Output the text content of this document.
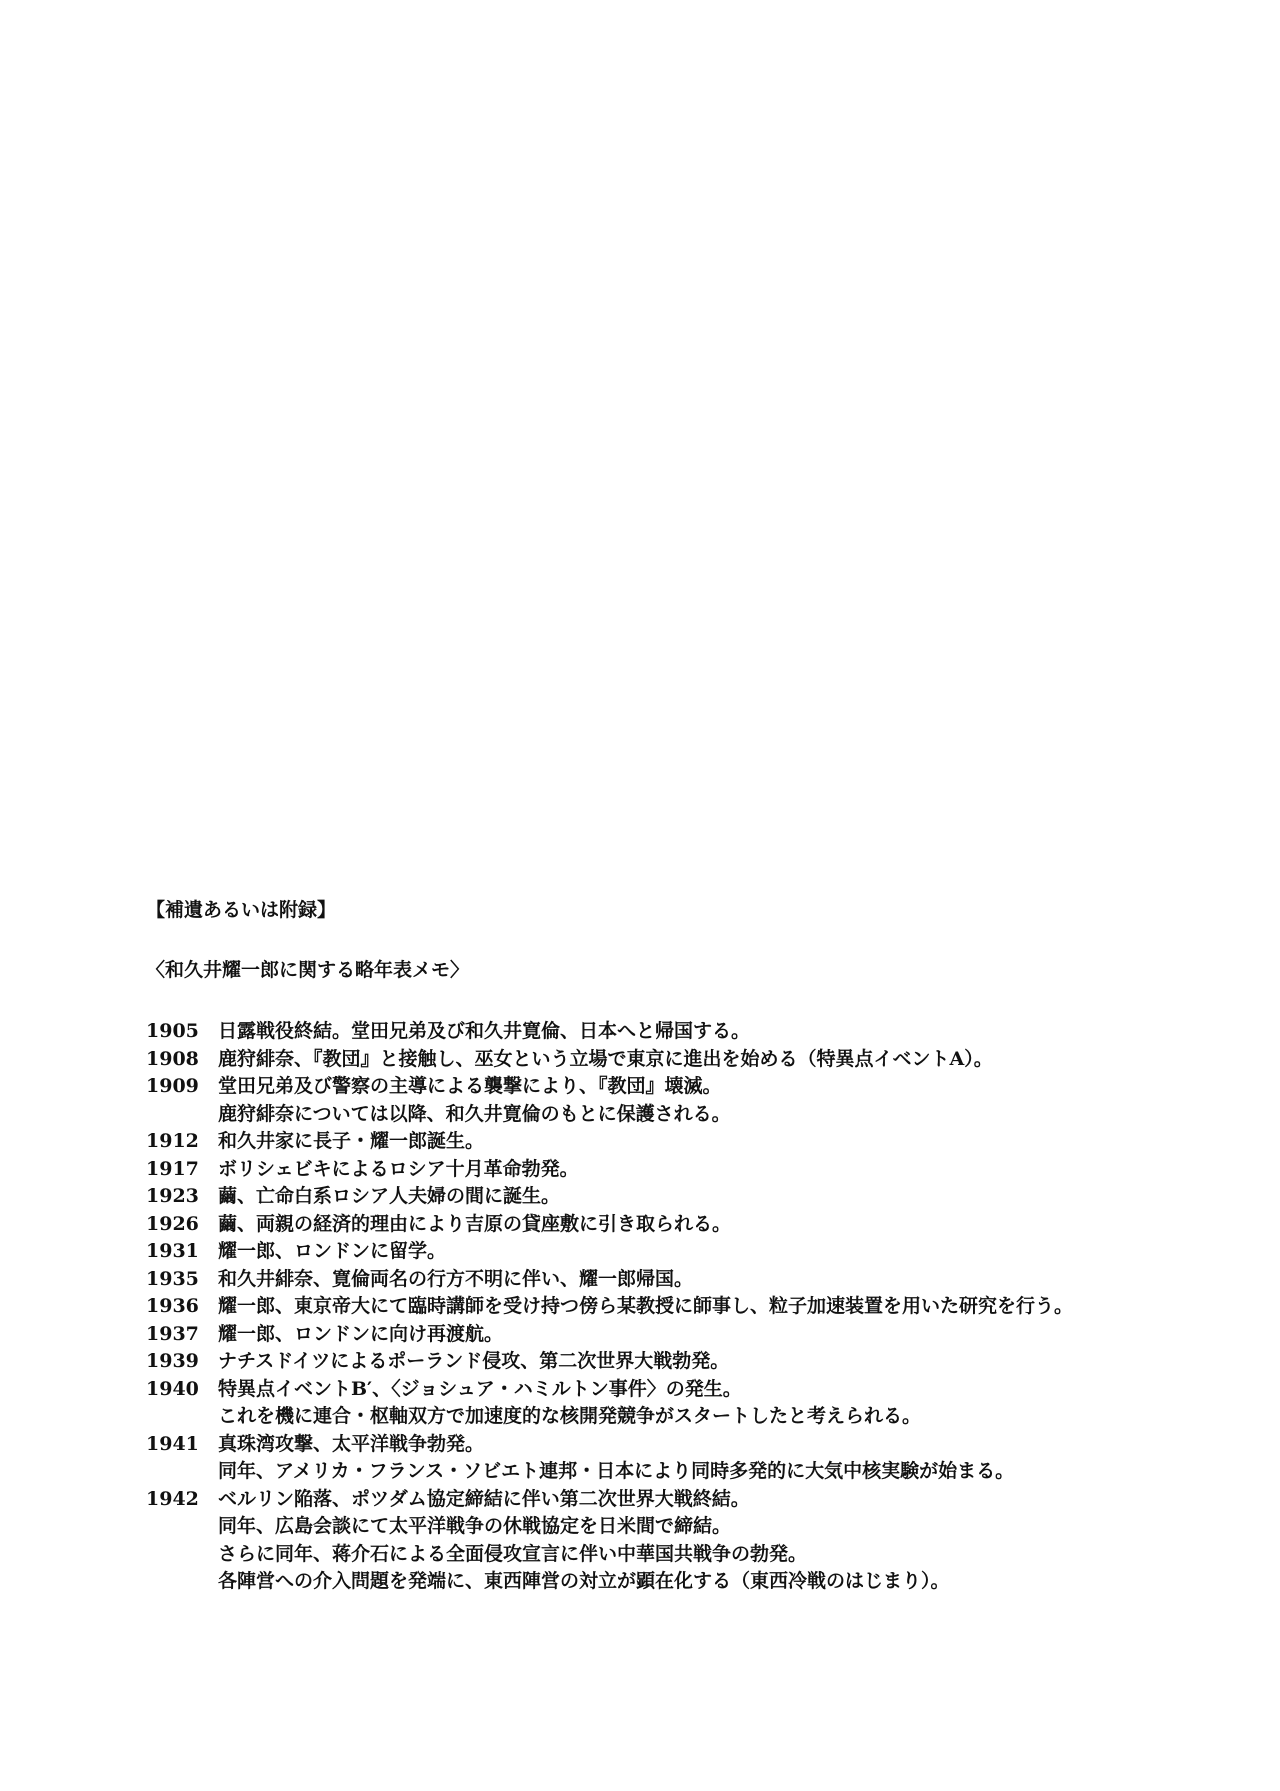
【補遺あるいは附録】
〈和久井耀一郎に関する略年表メモ〉
1905	日露戦役終結。堂田兄弟及び和久井寛倫、日本へと帰国する。
1908	鹿狩緋奈、『教団』と接触し、巫女という立場で東京に進出を始める（特異点イベントA）。
1909	堂田兄弟及び警察の主導による襲撃により、『教団』壊滅。
鹿狩緋奈については以降、和久井寛倫のもとに保護される。
1912	和久井家に長子・耀一郎誕生。
1917	ボリシェビキによるロシア十月革命勃発。
1923	繭、亡命白系ロシア人夫婦の間に誕生。
1926	繭、両親の経済的理由により吉原の貸座敷に引き取られる。
1931	耀一郎、ロンドンに留学。
1935	和久井緋奈、寛倫両名の行方不明に伴い、耀一郎帰国。
1936	耀一郎、東京帝大にて臨時講師を受け持つ傍ら某教授に師事し、粒子加速装置を用いた研究を行う。
1937	耀一郎、ロンドンに向け再渡航。
1939	ナチスドイツによるポーランド侵攻、第二次世界大戦勃発。
1940	特異点イベントB′、〈ジョシュア・ハミルトン事件〉の発生。
これを機に連合・枢軸双方で加速度的な核開発競争がスタートしたと考えられる。
1941	真珠湾攻撃、太平洋戦争勃発。
同年、アメリカ・フランス・ソビエト連邦・日本により同時多発的に大気中核実験が始まる。
1942	ベルリン陥落、ポツダム協定締結に伴い第二次世界大戦終結。
同年、広島会談にて太平洋戦争の休戦協定を日米間で締結。
さらに同年、蒋介石による全面侵攻宣言に伴い中華国共戦争の勃発。
各陣営への介入問題を発端に、東西陣営の対立が顕在化する（東西冷戦のはじまり）。
